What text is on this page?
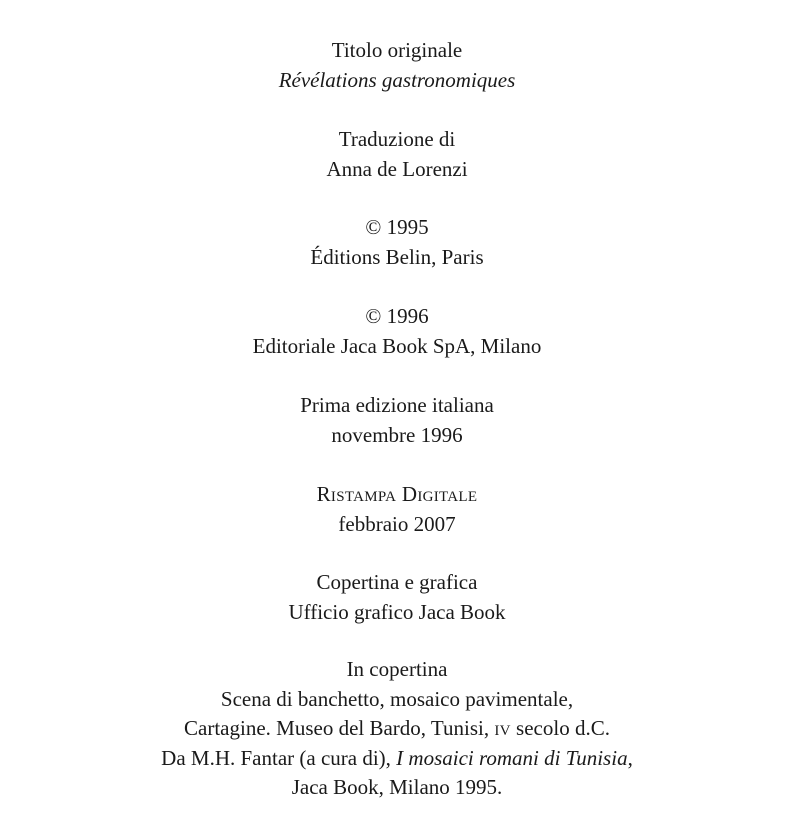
Titolo originale
Révélations gastronomiques
Traduzione di
Anna de Lorenzi
© 1995
Éditions Belin, Paris
© 1996
Editoriale Jaca Book SpA, Milano
Prima edizione italiana
novembre 1996
Ristampa Digitale
febbraio 2007
Copertina e grafica
Ufficio grafico Jaca Book
In copertina
Scena di banchetto, mosaico pavimentale,
Cartagine. Museo del Bardo, Tunisi, iv secolo d.C.
Da M.H. Fantar (a cura di), I mosaici romani di Tunisia,
Jaca Book, Milano 1995.
